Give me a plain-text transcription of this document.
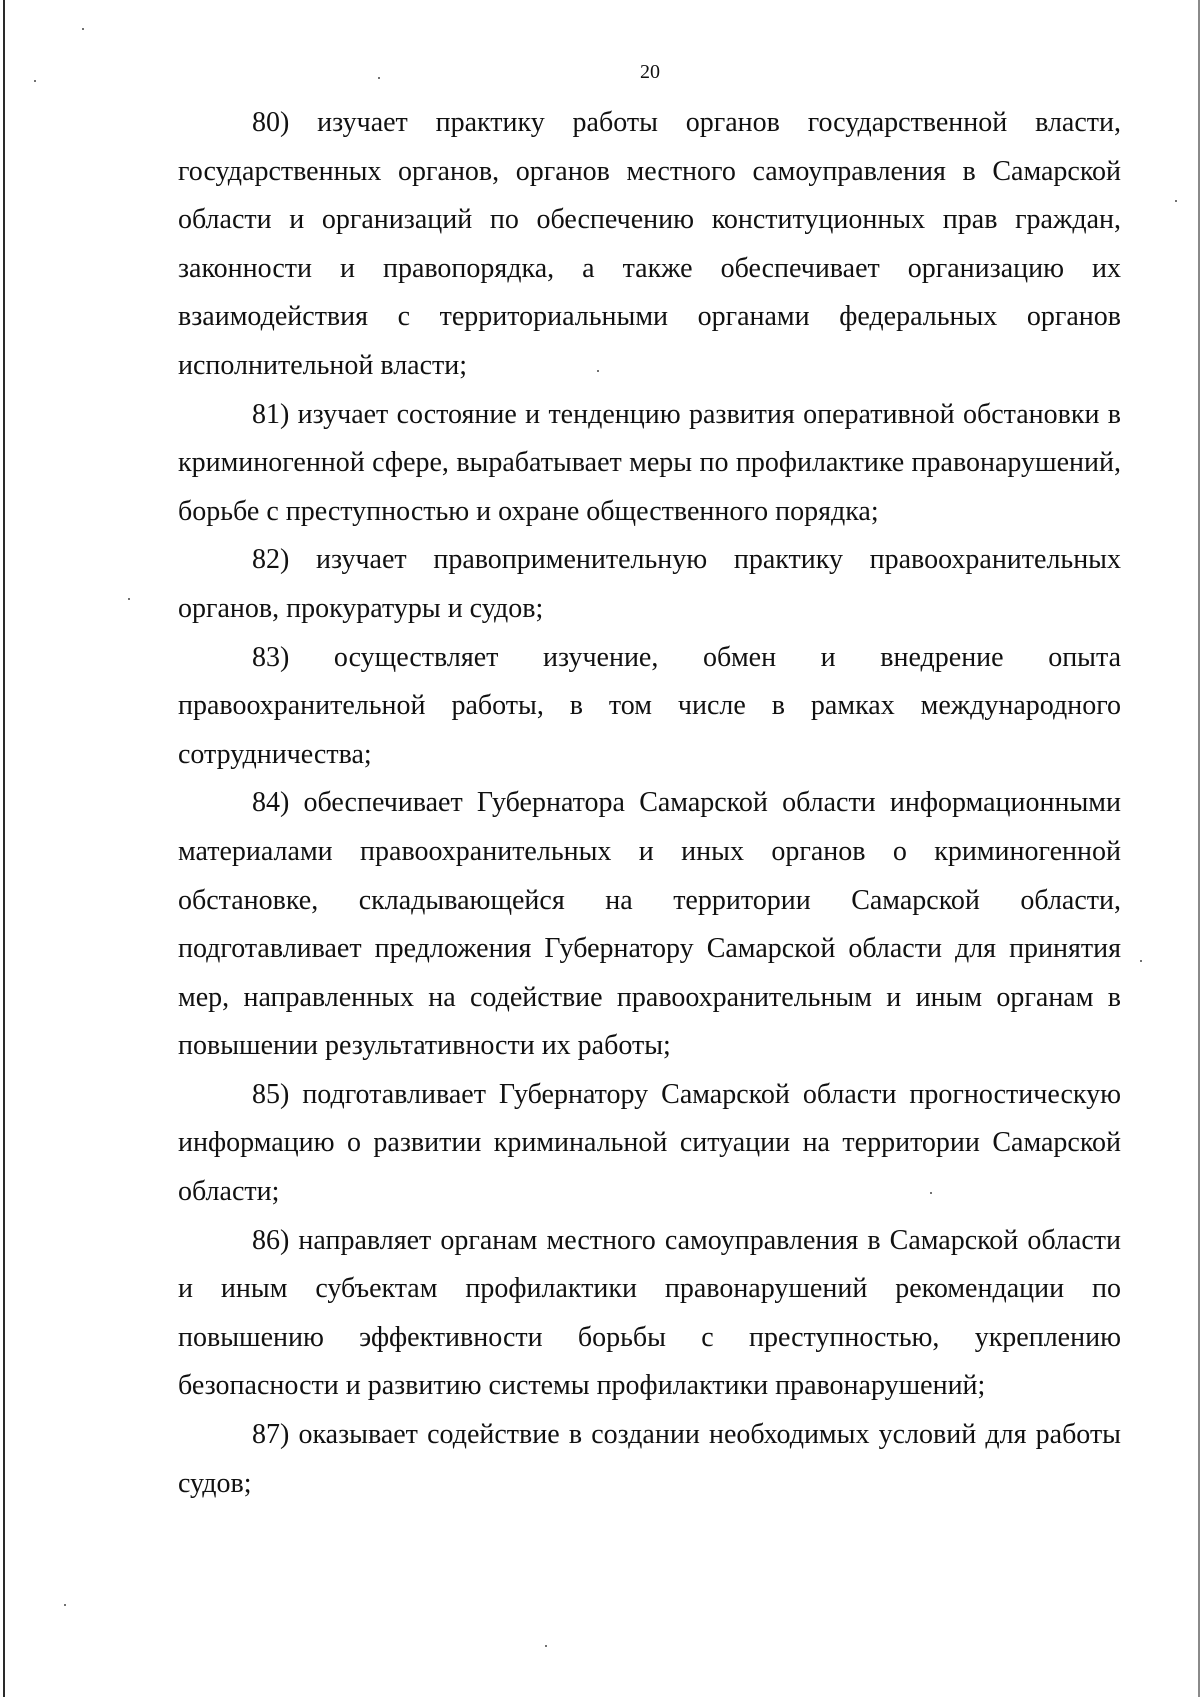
20

80) изучает практику работы органов государственной власти, государственных органов, органов местного самоуправления в Самарской области и организаций по обеспечению конституционных прав граждан, законности и правопорядка, а также обеспечивает организацию их взаимодействия с территориальными органами федеральных органов исполнительной власти;

81) изучает состояние и тенденцию развития оперативной обстановки в криминогенной сфере, вырабатывает меры по профилактике правонарушений, борьбе с преступностью и охране общественного порядка;

82) изучает правоприменительную практику правоохранительных органов, прокуратуры и судов;

83) осуществляет изучение, обмен и внедрение опыта правоохранительной работы, в том числе в рамках международного сотрудничества;

84) обеспечивает Губернатора Самарской области информационными материалами правоохранительных и иных органов о криминогенной обстановке, складывающейся на территории Самарской области, подготавливает предложения Губернатору Самарской области для принятия мер, направленных на содействие правоохранительным и иным органам в повышении результативности их работы;

85) подготавливает Губернатору Самарской области прогностическую информацию о развитии криминальной ситуации на территории Самарской области;

86) направляет органам местного самоуправления в Самарской области и иным субъектам профилактики правонарушений рекомендации по повышению эффективности борьбы с преступностью, укреплению безопасности и развитию системы профилактики правонарушений;

87) оказывает содействие в создании необходимых условий для работы судов;
